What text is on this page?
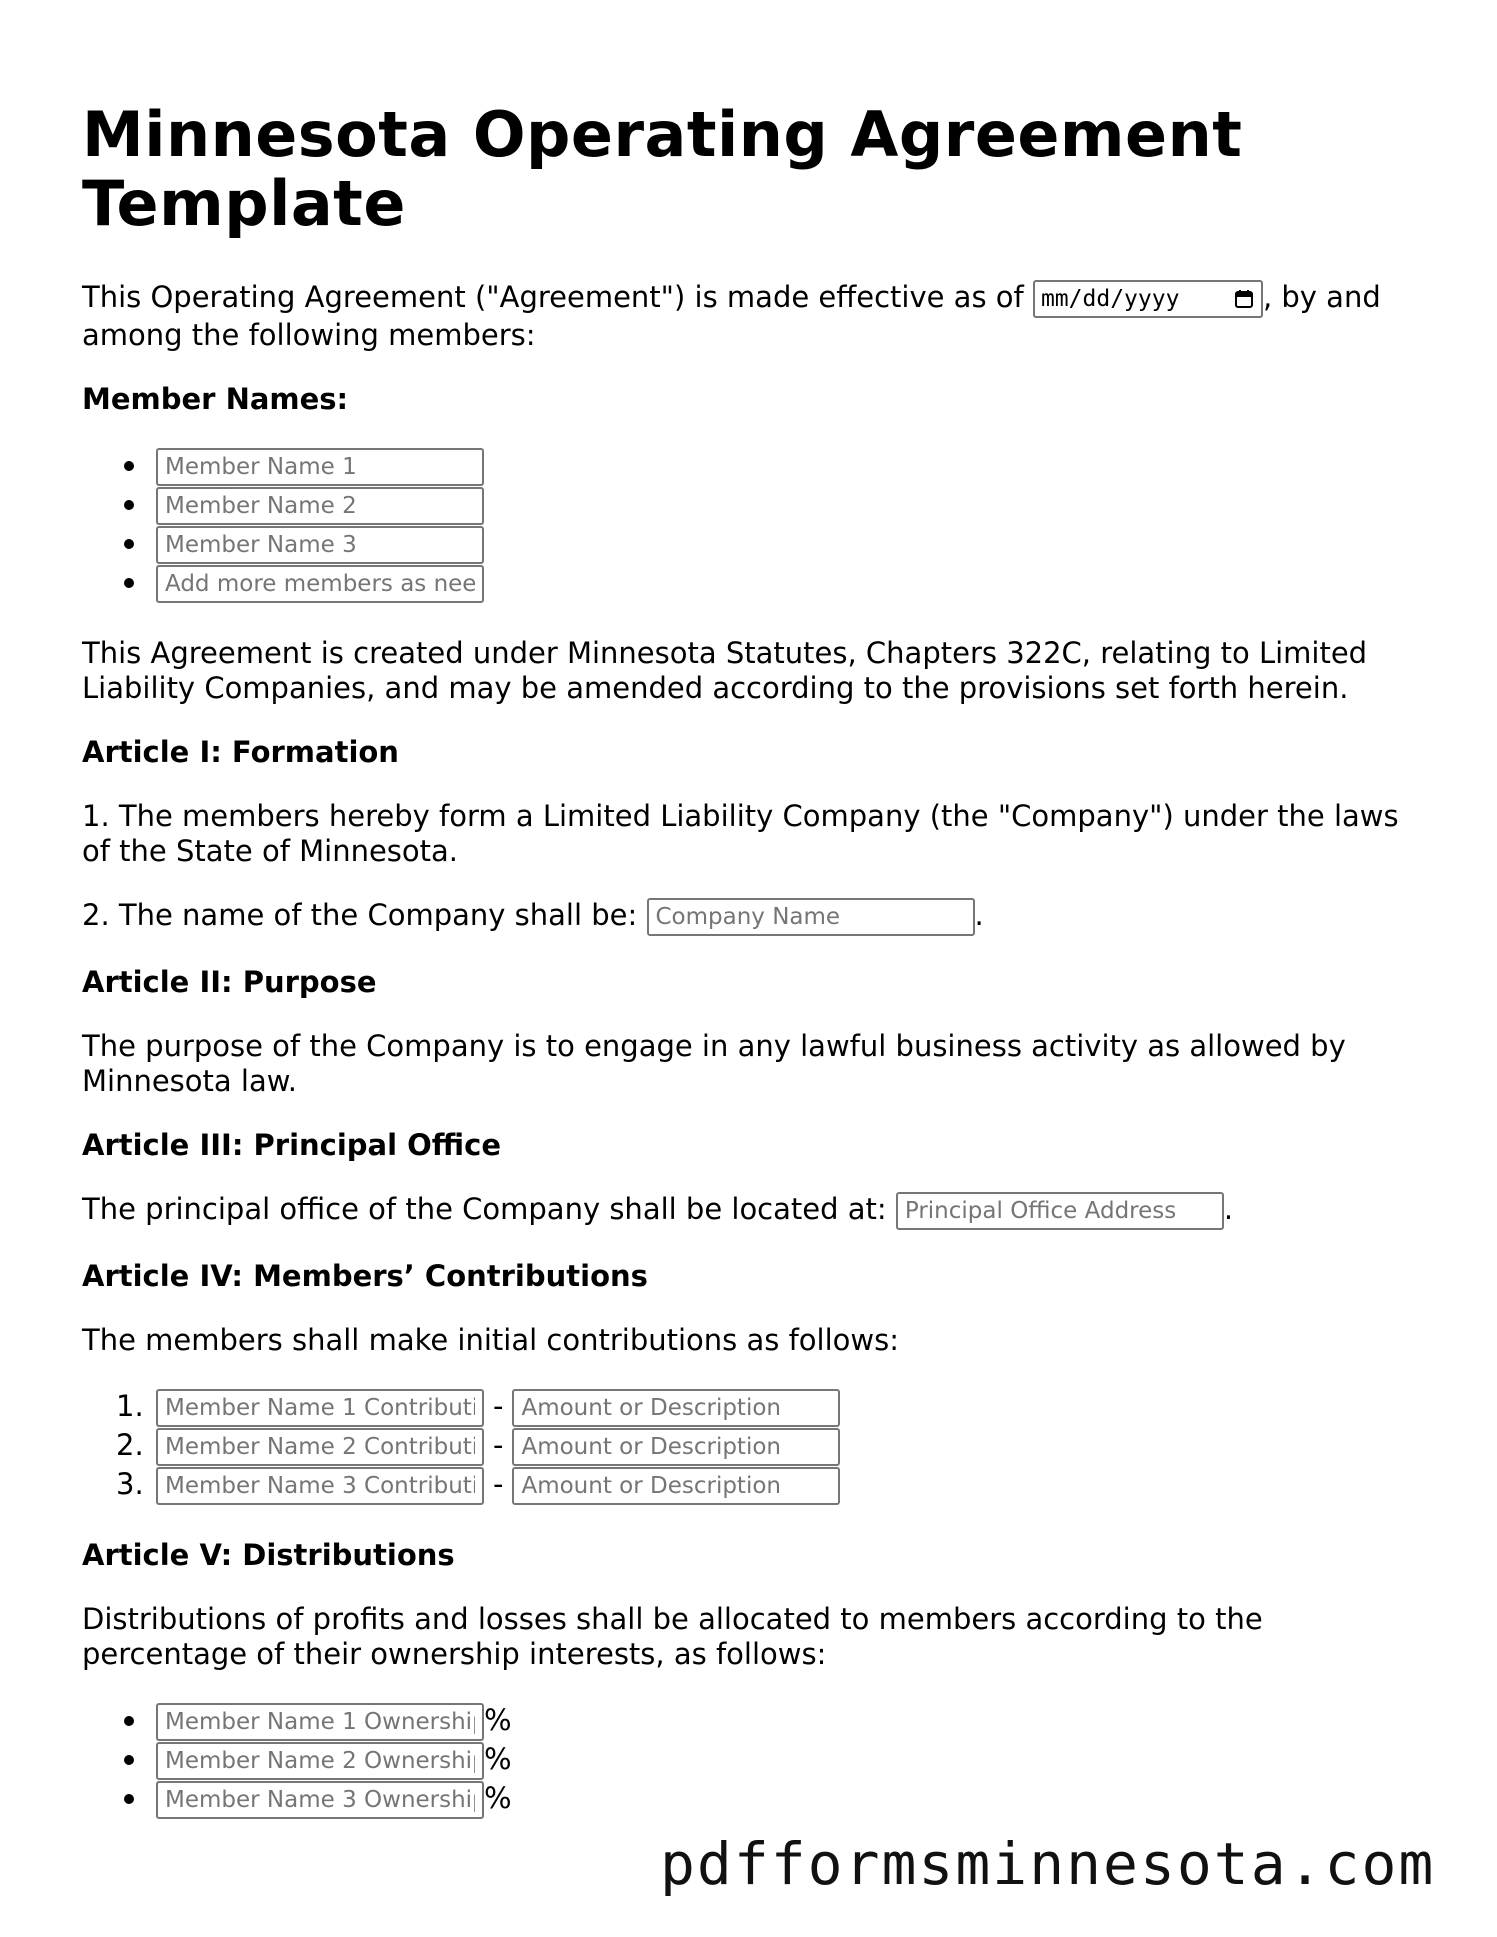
Minnesota Operating Agreement Template

This Operating Agreement ("Agreement") is made effective as of mm/dd/yyyy	, by and among the following members:

Member Names:
Member Name 1
Member Name 2
Member Name 3
Add more members as needed

This Agreement is created under Minnesota Statutes, Chapters 322C, relating to Limited Liability Companies, and may be amended according to the provisions set forth herein.

Article I: Formation

1. The members hereby form a Limited Liability Company (the "Company") under the laws of the State of Minnesota.

2. The name of the Company shall be: Company Name	.

Article II: Purpose

The purpose of the Company is to engage in any lawful business activity as allowed by Minnesota law.

Article III: Principal Office

The principal office of the Company shall be located at: Principal Office Address	.

Article IV: Members’ Contributions

The members shall make initial contributions as follows:

1.
Member Name 1 Contribution	-Amount or Description
2.
Member Name 2 Contribution	-Amount or Description
3.
Member Name 3 Contribution	-Amount or Description
Article V: Distributions

Distributions of profits and losses shall be allocated to members according to the percentage of their ownership interests, as follows:

Member Name 1 Ownership%
Member Name 2 Ownership%
Member Name 3 Ownership%
pdfformsminnesota.com
